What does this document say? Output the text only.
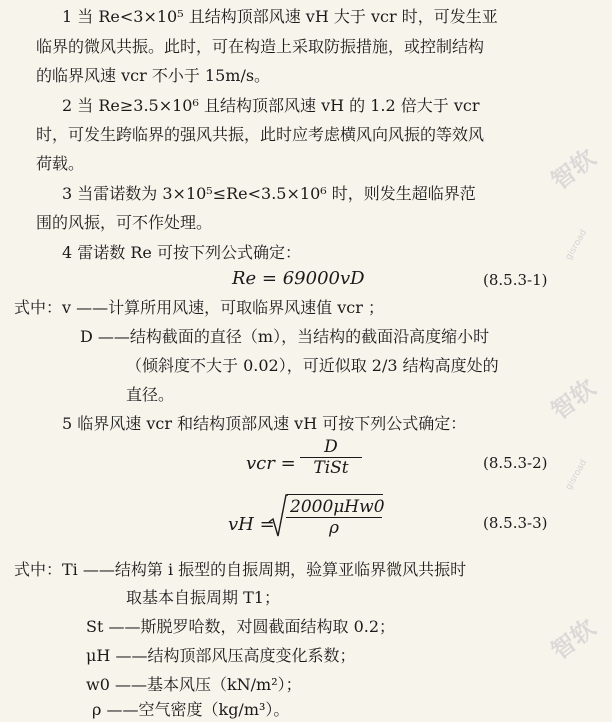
1 当 Re<3×10⁵ 且结构顶部风速 vH 大于 vcr 时，可发生亚
临界的微风共振。此时，可在构造上采取防振措施，或控制结构
的临界风速 vcr 不小于 15m/s。
2 当 Re≥3.5×10⁶ 且结构顶部风速 vH 的 1.2 倍大于 vcr
时，可发生跨临界的强风共振，此时应考虑横风向风振的等效风
荷载。
3 当雷诺数为 3×10⁵≤Re<3.5×10⁶ 时，则发生超临界范
围的风振，可不作处理。
4 雷诺数 Re 可按下列公式确定：
Re = 69000vD	(8.5.3-1)
式中：v ——计算所用风速，可取临界风速值 vcr ；
D ——结构截面的直径（m），当结构的截面沿高度缩小时
（倾斜度不大于 0.02），可近似取 2/3 结构高度处的
直径。
5 临界风速 vcr 和结构顶部风速 vH 可按下列公式确定：
vcr =
D
TiSt	(8.5.3-2)
vH =
2000μHw0
ρ	(8.5.3-3)
式中：Ti ——结构第 i 振型的自振周期，验算亚临界微风共振时
取基本自振周期 T1；
St ——斯脱罗哈数，对圆截面结构取 0.2；
μH ——结构顶部风压高度变化系数；
w0 ——基本风压（kN/m²）；
ρ ——空气密度（kg/m³）。
智软
gisroad
智软
gisroad
智软
